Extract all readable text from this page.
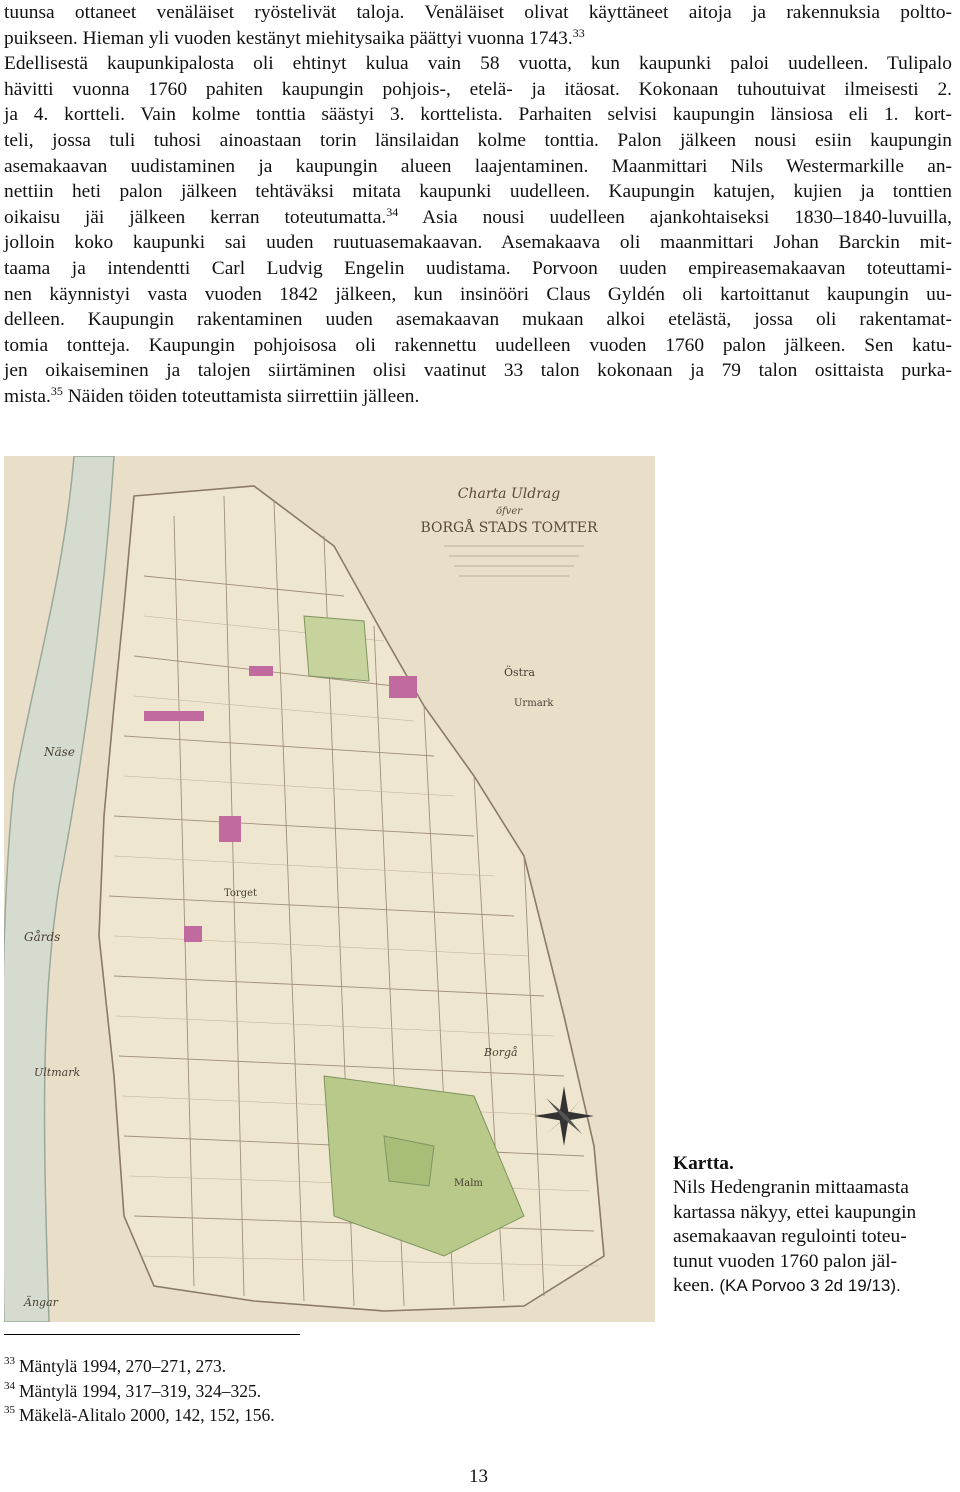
tuunsa ottaneet venäläiset ryöstelivät taloja. Venäläiset olivat käyttäneet aitoja ja rakennuksia poltto-
puikseen. Hieman yli vuoden kestänyt miehitysaika päättyi vuonna 1743.33
Edellisestä kaupunkipalosta oli ehtinyt kulua vain 58 vuotta, kun kaupunki paloi uudelleen. Tulipalo
hävitti vuonna 1760 pahiten kaupungin pohjois-, etelä- ja itäosat. Kokonaan tuhoutuivat ilmeisesti 2.
ja 4. kortteli. Vain kolme tonttia säästyi 3. korttelista. Parhaiten selvisi kaupungin länsiosa eli 1. kort-
teli, jossa tuli tuhosi ainoastaan torin länsilaidan kolme tonttia. Palon jälkeen nousi esiin kaupungin
asemakaavan uudistaminen ja kaupungin alueen laajentaminen. Maanmittari Nils Westermarkille an-
nettiin heti palon jälkeen tehtäväksi mitata kaupunki uudelleen. Kaupungin katujen, kujien ja tonttien
oikaisu jäi jälkeen kerran toteutumatta.$^{34}$ Asia nousi uudelleen ajankohtaiseksi 1830–1840-luvuilla,
jolloin koko kaupunki sai uuden ruutuasemakaavan. Asemakaava oli maanmittari Johan Barckin mit-
taama ja intendentti Carl Ludvig Engelin uudistama. Porvoon uuden empireasemakaavan toteuttami-
nen käynnistyi vasta vuoden 1842 jälkeen, kun insinööri Claus Gyldén oli kartoittanut kaupungin uu-
delleen. Kaupungin rakentaminen uuden asemakaavan mukaan alkoi etelästä, jossa oli rakentamat-
tomia tontteja. Kaupungin pohjoisosa oli rakennettu uudelleen vuoden 1760 palon jälkeen. Sen katu-
jen oikaiseminen ja talojen siirtäminen olisi vaatinut 33 talon kokonaan ja 79 talon osittaista purka-
mista.$^{35}$ Näiden töiden toteuttamista siirrettiin jälleen.
Charta Uldrag
öfver
BORGÅ STADS TOMTER
Näse
Gårds
Ultmark
Östra
Borgå
Ängar
Urmark
Malm
Torget
Kartta.
Nils Hedengranin mittaamasta
kartassa näkyy, ettei kaupungin
asemakaavan regulointi toteu-
tunut vuoden 1760 palon jäl-
keen. (KA Porvoo 3 2d 19/13).
$^{33}$ Mäntylä 1994, 270–271, 273.
$^{34}$ Mäntylä 1994, 317–319, 324–325.
$^{35}$ Mäkelä-Alitalo 2000, 142, 152, 156.
13
